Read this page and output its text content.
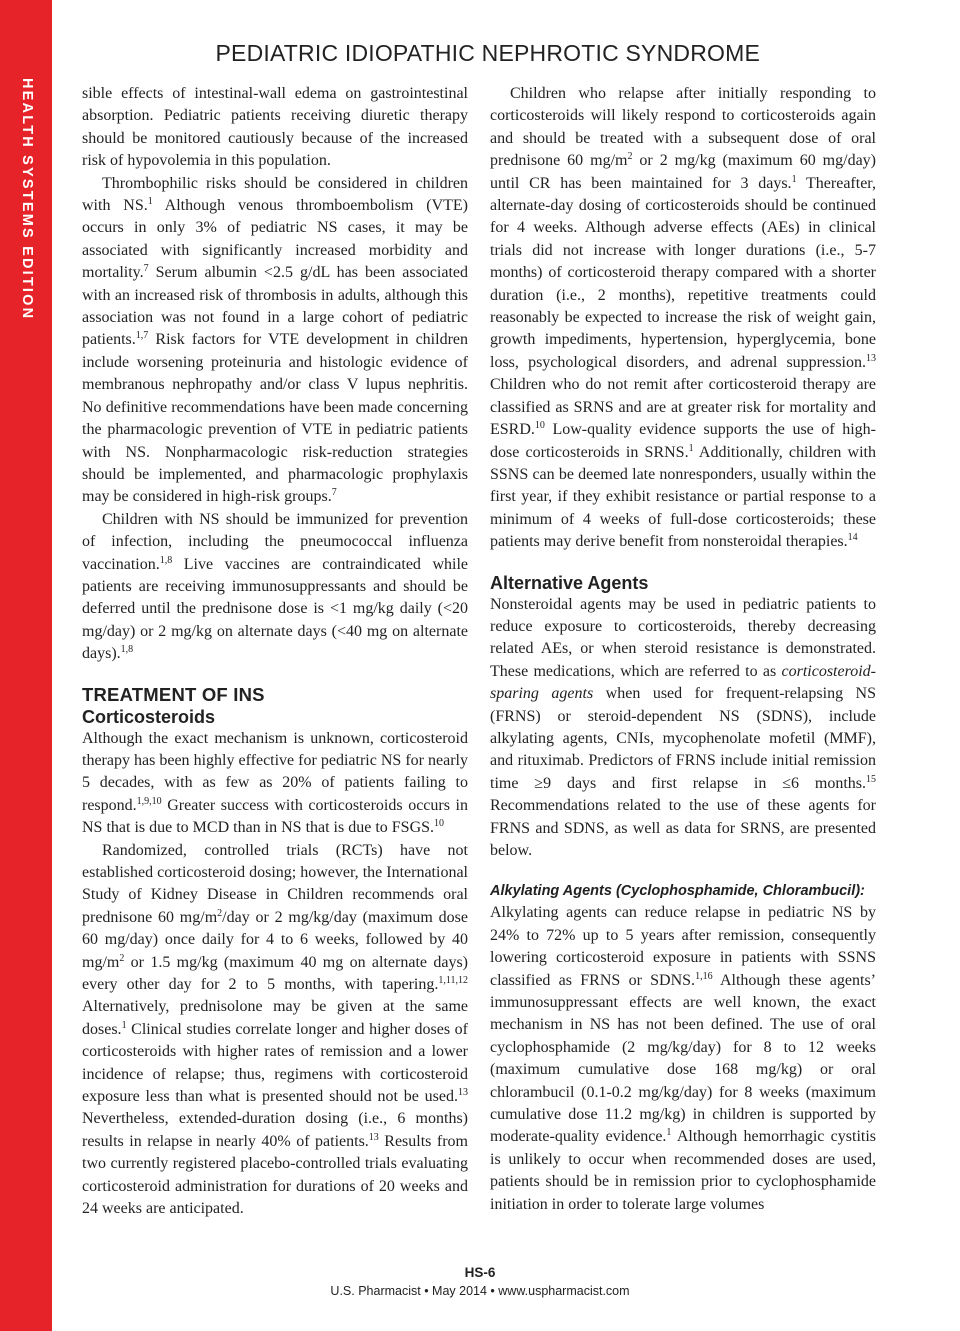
HEALTH SYSTEMS EDITION
PEDIATRIC IDIOPATHIC NEPHROTIC SYNDROME

sible effects of intestinal-wall edema on gastrointestinal absorption. Pediatric patients receiving diuretic therapy should be monitored cautiously because of the increased risk of hypovolemia in this population.

Thrombophilic risks should be considered in children with NS.$^1$ Although venous thromboembolism (VTE) occurs in only 3% of pediatric NS cases, it may be associated with significantly increased morbidity and mortality.$^7$ Serum albumin <2.5 g/dL has been associated with an increased risk of thrombosis in adults, although this association was not found in a large cohort of pediatric patients.$^{1,7}$ Risk factors for VTE development in children include worsening proteinuria and histologic evidence of membranous nephropathy and/or class V lupus nephritis. No definitive recommendations have been made concerning the pharmacologic prevention of VTE in pediatric patients with NS. Nonpharmacologic risk-reduction strategies should be implemented, and pharmacologic prophylaxis may be considered in high-risk groups.$^7$

Children with NS should be immunized for prevention of infection, including the pneumococcal influenza vaccination.$^{1,8}$ Live vaccines are contraindicated while patients are receiving immunosuppressants and should be deferred until the prednisone dose is <1 mg/kg daily (<20 mg/day) or 2 mg/kg on alternate days (<40 mg on alternate days).$^{1,8}$

TREATMENT OF INS
Corticosteroids

Although the exact mechanism is unknown, corticosteroid therapy has been highly effective for pediatric NS for nearly 5 decades, with as few as 20% of patients failing to respond.$^{1,9,10}$ Greater success with corticosteroids occurs in NS that is due to MCD than in NS that is due to FSGS.$^{10}$

Randomized, controlled trials (RCTs) have not established corticosteroid dosing; however, the International Study of Kidney Disease in Children recommends oral prednisone 60 $mg/m^2$/day or 2 mg/kg/day (maximum dose 60 mg/day) once daily for 4 to 6 weeks, followed by 40 $mg/m^2$ or 1.5 mg/kg (maximum 40 mg on alternate days) every other day for 2 to 5 months, with tapering.$^{1,11,12}$ Alternatively, prednisolone may be given at the same doses.$^1$ Clinical studies correlate longer and higher doses of corticosteroids with higher rates of remission and a lower incidence of relapse; thus, regimens with corticosteroid exposure less than what is presented should not be used.$^{13}$ Nevertheless, extended-duration dosing (i.e., 6 months) results in relapse in nearly 40% of patients.$^{13}$ Results from two currently registered placebo-controlled trials evaluating corticosteroid administration for durations of 20 weeks and 24 weeks are anticipated.

Children who relapse after initially responding to corticosteroids will likely respond to corticosteroids again and should be treated with a subsequent dose of oral prednisone 60 $mg/m^2$ or 2 mg/kg (maximum 60 mg/day) until CR has been maintained for 3 days.$^1$ Thereafter, alternate-day dosing of corticosteroids should be continued for 4 weeks. Although adverse effects (AEs) in clinical trials did not increase with longer durations (i.e., 5-7 months) of corticosteroid therapy compared with a shorter duration (i.e., 2 months), repetitive treatments could reasonably be expected to increase the risk of weight gain, growth impediments, hypertension, hyperglycemia, bone loss, psychological disorders, and adrenal suppression.$^{13}$ Children who do not remit after corticosteroid therapy are classified as SRNS and are at greater risk for mortality and ESRD.$^{10}$ Low-quality evidence supports the use of high-dose corticosteroids in SRNS.$^1$ Additionally, children with SSNS can be deemed late nonresponders, usually within the first year, if they exhibit resistance or partial response to a minimum of 4 weeks of full-dose corticosteroids; these patients may derive benefit from nonsteroidal therapies.$^{14}$

Alternative Agents

Nonsteroidal agents may be used in pediatric patients to reduce exposure to corticosteroids, thereby decreasing related AEs, or when steroid resistance is demonstrated. These medications, which are referred to as corticosteroid-sparing agents when used for frequent-relapsing NS (FRNS) or steroid-dependent NS (SDNS), include alkylating agents, CNIs, mycophenolate mofetil (MMF), and rituximab. Predictors of FRNS include initial remission time ≥9 days and first relapse in ≤6 months.$^{15}$ Recommendations related to the use of these agents for FRNS and SDNS, as well as data for SRNS, are presented below.

Alkylating Agents (Cyclophosphamide, Chlorambucil):

Alkylating agents can reduce relapse in pediatric NS by 24% to 72% up to 5 years after remission, consequently lowering corticosteroid exposure in patients with SSNS classified as FRNS or SDNS.$^{1,16}$ Although these agents’ immunosuppressant effects are well known, the exact mechanism in NS has not been defined. The use of oral cyclophosphamide (2 mg/kg/day) for 8 to 12 weeks (maximum cumulative dose 168 mg/kg) or oral chlorambucil (0.1-0.2 mg/kg/day) for 8 weeks (maximum cumulative dose 11.2 mg/kg) in children is supported by moderate-quality evidence.$^1$ Although hemorrhagic cystitis is unlikely to occur when recommended doses are used, patients should be in remission prior to cyclophosphamide initiation in order to tolerate large volumes

HS-6
U.S. Pharmacist • May 2014 • www.uspharmacist.com
